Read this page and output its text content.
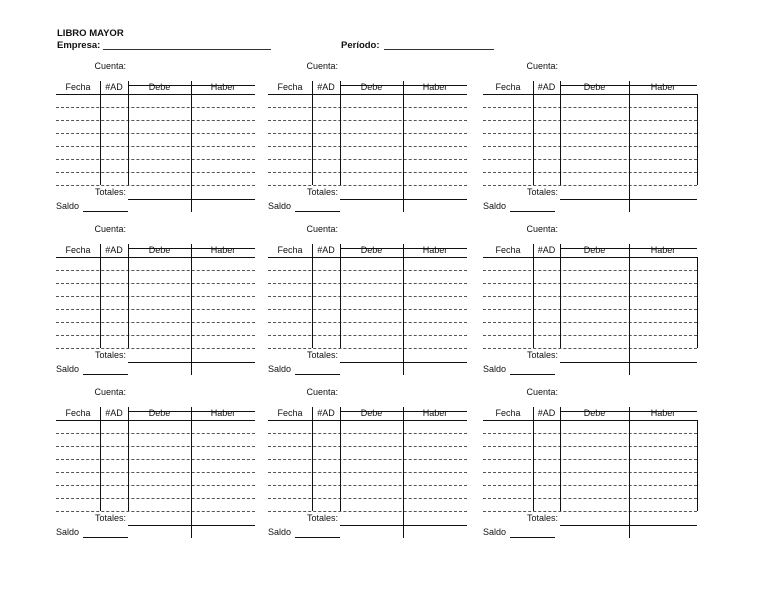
LIBRO MAYOR
Empresa:	Período:
Cuenta:
Fecha	#AD	Debe	Haber
Totales:
Saldo
Cuenta:
Fecha	#AD	Debe	Haber
Totales:
Saldo
Cuenta:
Fecha	#AD	Debe	Haber
Totales:
Saldo
Cuenta:
Fecha	#AD	Debe	Haber
Totales:
Saldo
Cuenta:
Fecha	#AD	Debe	Haber
Totales:
Saldo
Cuenta:
Fecha	#AD	Debe	Haber
Totales:
Saldo
Cuenta:
Fecha	#AD	Debe	Haber
Totales:
Saldo
Cuenta:
Fecha	#AD	Debe	Haber
Totales:
Saldo
Cuenta:
Fecha	#AD	Debe	Haber
Totales:
Saldo
